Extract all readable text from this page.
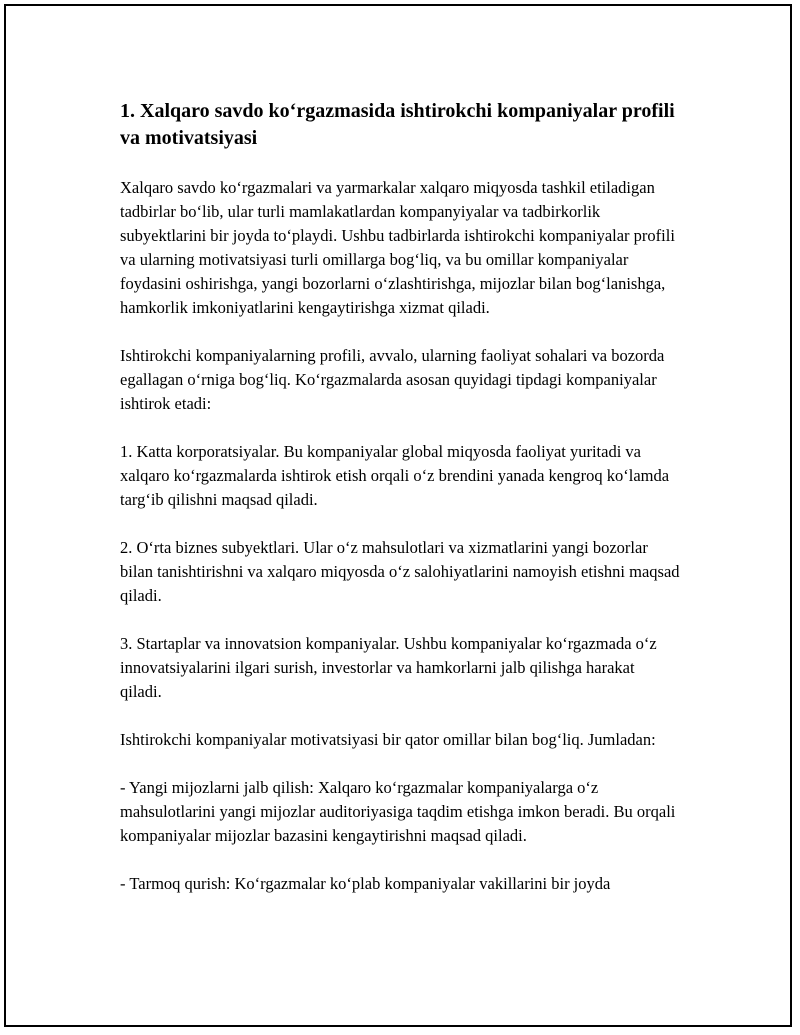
1. Xalqaro savdo ko‘rgazmasida ishtirokchi kompaniyalar profili va motivatsiyasi

Xalqaro savdo ko‘rgazmalari va yarmarkalar xalqaro miqyosda tashkil etiladigan tadbirlar bo‘lib, ular turli mamlakatlardan kompanyiyalar va tadbirkorlik subyektlarini bir joyda to‘playdi. Ushbu tadbirlarda ishtirokchi kompaniyalar profili va ularning motivatsiyasi turli omillarga bog‘liq, va bu omillar kompaniyalar foydasini oshirishga, yangi bozorlarni o‘zlashtirishga, mijozlar bilan bog‘lanishga, hamkorlik imkoniyatlarini kengaytirishga xizmat qiladi.

Ishtirokchi kompaniyalarning profili, avvalo, ularning faoliyat sohalari va bozorda egallagan o‘rniga bog‘liq. Ko‘rgazmalarda asosan quyidagi tipdagi kompaniyalar ishtirok etadi:

1. Katta korporatsiyalar. Bu kompaniyalar global miqyosda faoliyat yuritadi va xalqaro ko‘rgazmalarda ishtirok etish orqali o‘z brendini yanada kengroq ko‘lamda targ‘ib qilishni maqsad qiladi.

2. O‘rta biznes subyektlari. Ular o‘z mahsulotlari va xizmatlarini yangi bozorlar bilan tanishtirishni va xalqaro miqyosda o‘z salohiyatlarini namoyish etishni maqsad qiladi.

3. Startaplar va innovatsion kompaniyalar. Ushbu kompaniyalar ko‘rgazmada o‘z innovatsiyalarini ilgari surish, investorlar va hamkorlarni jalb qilishga harakat qiladi.

Ishtirokchi kompaniyalar motivatsiyasi bir qator omillar bilan bog‘liq. Jumladan:

- Yangi mijozlarni jalb qilish: Xalqaro ko‘rgazmalar kompaniyalarga o‘z mahsulotlarini yangi mijozlar auditoriyasiga taqdim etishga imkon beradi. Bu orqali kompaniyalar mijozlar bazasini kengaytirishni maqsad qiladi.

- Tarmoq qurish: Ko‘rgazmalar ko‘plab kompaniyalar vakillarini bir joyda
